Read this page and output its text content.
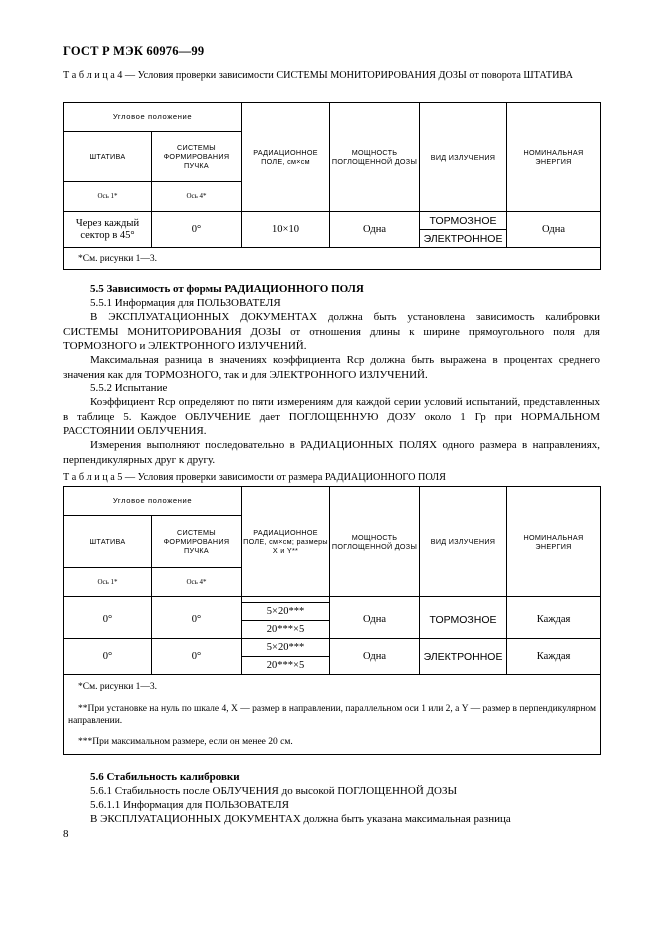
ГОСТ Р МЭК 60976—99
Т а б л и ц а 4 — Условия проверки зависимости СИСТЕМЫ МОНИТОРИРОВАНИЯ ДОЗЫ от поворота ШТАТИВА
Угловое положение		РАДИАЦИОННОЕ ПОЛЕ, см×см	МОЩНОСТЬ ПОГЛОЩЕННОЙ ДОЗЫ	ВИД ИЗЛУЧЕНИЯ	НОМИНАЛЬНАЯ ЭНЕРГИЯ
ШТАТИВА	СИСТЕМЫ ФОРМИРОВАНИЯ ПУЧКА				
Ось 1*	Ось 4*				
Через каждый сектор в 45°	0°	10×10	Одна	ТОРМОЗНОЕ	Одна
				ЭЛЕКТРОННОЕ	
*См. рисунки 1—3.					
5.5 Зависимость от формы РАДИАЦИОННОГО ПОЛЯ
5.5.1 Информация для ПОЛЬЗОВАТЕЛЯ
В ЭКСПЛУАТАЦИОННЫХ ДОКУМЕНТАХ должна быть установлена зависимость калибровки СИСТЕМЫ МОНИТОРИРОВАНИЯ ДОЗЫ от отношения длины к ширине прямоугольного поля для ТОРМОЗНОГО и ЭЛЕКТРОННОГО ИЗЛУЧЕНИЙ.
Максимальная разница в значениях коэффициента Rср должна быть выражена в процентах среднего значения как для ТОРМОЗНОГО, так и для ЭЛЕКТРОННОГО ИЗЛУЧЕНИЙ.
5.5.2 Испытание
Коэффициент Rср определяют по пяти измерениям для каждой серии условий испытаний, представленных в таблице 5. Каждое ОБЛУЧЕНИЕ дает ПОГЛОЩЕННУЮ ДОЗУ около 1 Гр при НОРМАЛЬНОМ РАССТОЯНИИ ОБЛУЧЕНИЯ.
Измерения выполняют последовательно в РАДИАЦИОННЫХ ПОЛЯХ одного размера в направлениях, перпендикулярных друг к другу.
Т а б л и ц а 5 — Условия проверки зависимости от размера РАДИАЦИОННОГО ПОЛЯ
Угловое положение		РАДИАЦИОННОЕ ПОЛЕ, см×см; размеры X и Y**	МОЩНОСТЬ ПОГЛОЩЕННОЙ ДОЗЫ	ВИД ИЗЛУЧЕНИЯ	НОМИНАЛЬНАЯ ЭНЕРГИЯ
ШТАТИВА	СИСТЕМЫ ФОРМИРОВАНИЯ ПУЧКА				
Ось 1*	Ось 4*				

0°	0°	5×20***	Одна	ТОРМОЗНОЕ	Каждая
		20***×5			
0°	0°	5×20***	Одна	ЭЛЕКТРОННОЕ	Каждая
		20***×5			
*См. рисунки 1—3.					
**При установке на нуль по шкале 4, X — размер в направлении, параллельном оси 1 или 2, а Y — размер в перпендикулярном направлении.					
***При максимальном размере, если он менее 20 см.					
5.6 Стабильность калибровки
5.6.1 Стабильность после ОБЛУЧЕНИЯ до высокой ПОГЛОЩЕННОЙ ДОЗЫ
5.6.1.1 Информация для ПОЛЬЗОВАТЕЛЯ
В ЭКСПЛУАТАЦИОННЫХ ДОКУМЕНТАХ должна быть указана максимальная разница
8
